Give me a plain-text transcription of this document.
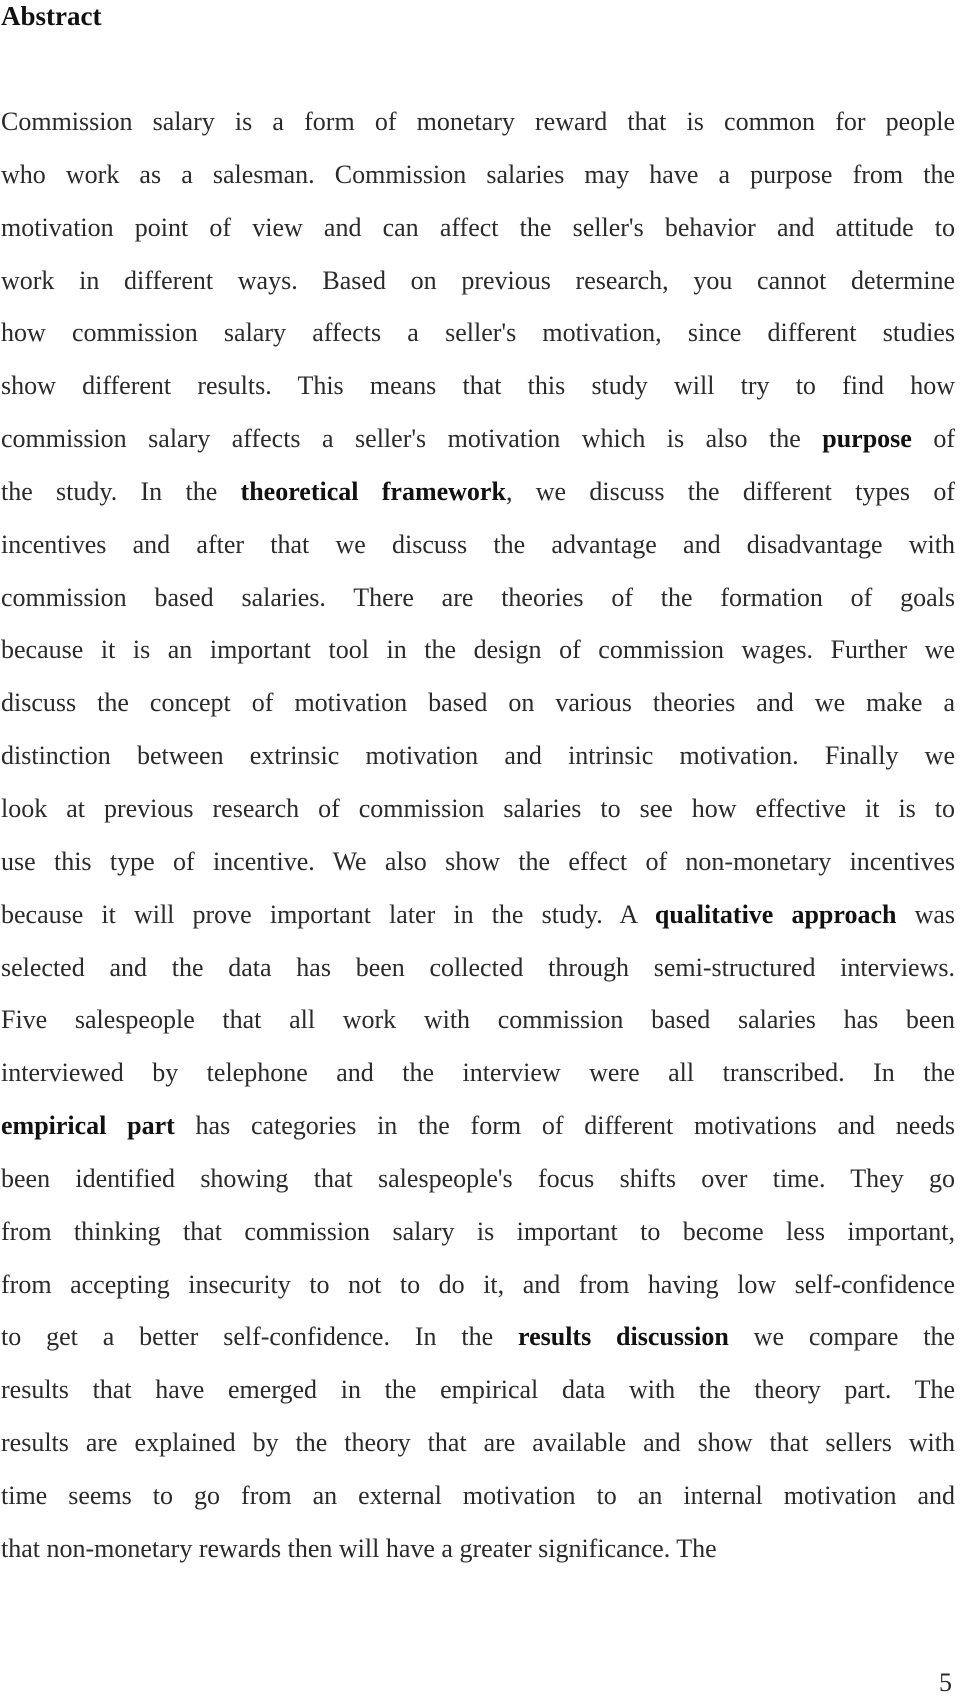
Abstract
Commission salary is a form of monetary reward that is common for people
who work as a salesman. Commission salaries may have a purpose from the
motivation point of view and can affect the seller's behavior and attitude to
work in different ways. Based on previous research, you cannot determine
how commission salary affects a seller's motivation, since different studies
show different results. This means that this study will try to find how
commission salary affects a seller's motivation which is also the purpose of
the study. In the theoretical framework, we discuss the different types of
incentives and after that we discuss the advantage and disadvantage with
commission based salaries. There are theories of the formation of goals
because it is an important tool in the design of commission wages. Further we
discuss the concept of motivation based on various theories and we make a
distinction between extrinsic motivation and intrinsic motivation. Finally we
look at previous research of commission salaries to see how effective it is to
use this type of incentive. We also show the effect of non-monetary incentives
because it will prove important later in the study. A qualitative approach was
selected and the data has been collected through semi-structured interviews.
Five salespeople that all work with commission based salaries has been
interviewed by telephone and the interview were all transcribed. In the
empirical part has categories in the form of different motivations and needs
been identified showing that salespeople's focus shifts over time. They go
from thinking that commission salary is important to become less important,
from accepting insecurity to not to do it, and from having low self-confidence
to get a better self-confidence. In the results discussion we compare the
results that have emerged in the empirical data with the theory part. The
results are explained by the theory that are available and show that sellers with
time seems to go from an external motivation to an internal motivation and
that non-monetary rewards then will have a greater significance. The
5
